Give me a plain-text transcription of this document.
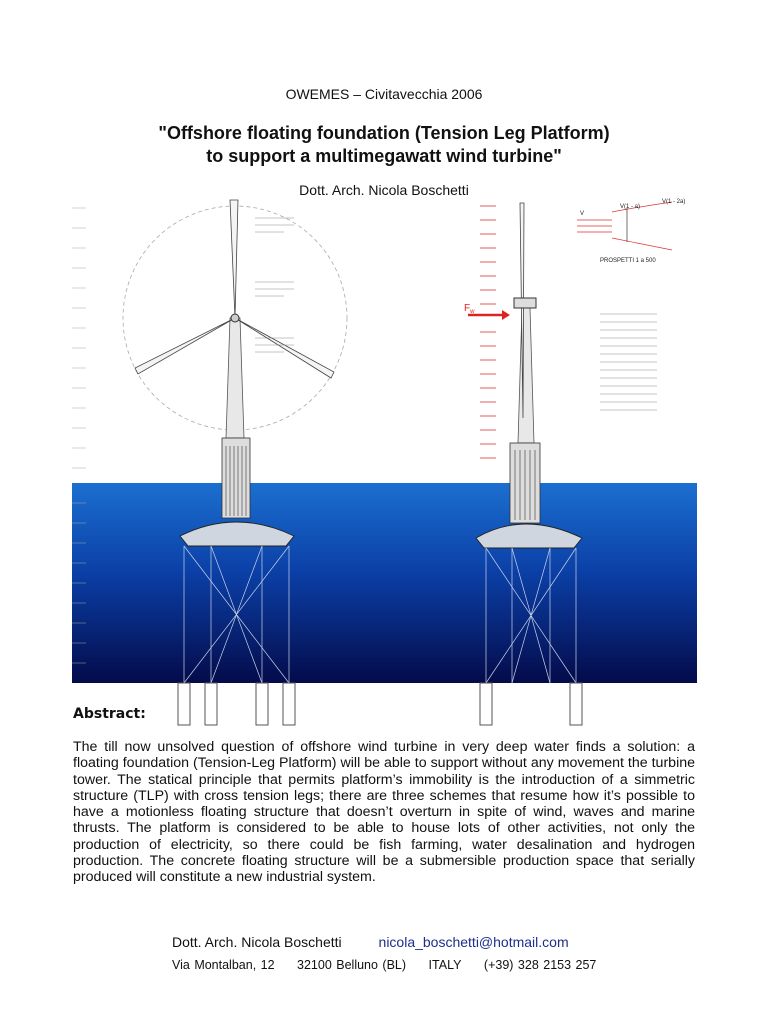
OWEMES – Civitavecchia 2006
"Offshore floating foundation (Tension Leg Platform)
to support a multimegawatt wind turbine"
Dott. Arch. Nicola Boschetti
$F_w$
V
V(1 - a)
V(1 - 2a)
PROSPETTI 1 a 500
Abstract:
The till now unsolved question of offshore wind turbine in very deep water finds a solution: a floating foundation (Tension-Leg Platform) will be able to support without any movement the turbine tower. The statical principle that permits platform’s immobility is the introduction of a simmetric structure (TLP) with cross tension legs; there are three schemes that resume how it’s possible to have a motionless floating structure that doesn’t overturn in spite of wind, waves and marine thrusts. The platform is considered to be able to house lots of other activities, not only the production of electricity, so there could be fish farming, water desalination and hydrogen production. The concrete floating structure will be a submersible production space that serially produced will constitute a new industrial system.
Dott. Arch. Nicola Boschetti	nicola_boschetti@hotmail.com
Via Montalban, 12 32100 Belluno (BL) ITALY (+39) 328 2153 257
